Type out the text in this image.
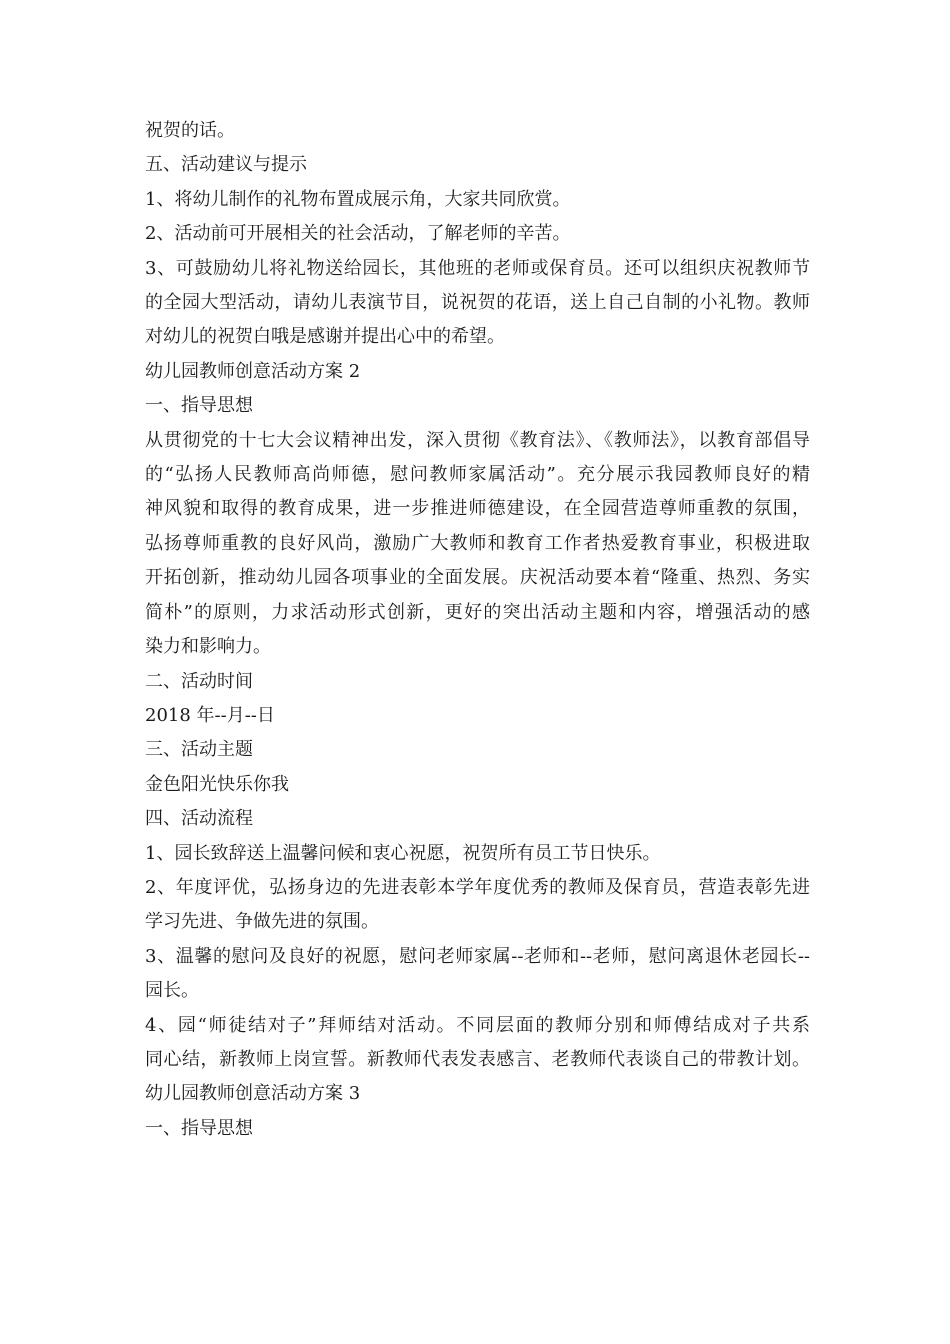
祝贺的话。

五、活动建议与提示

1、将幼儿制作的礼物布置成展示角，大家共同欣赏。

2、活动前可开展相关的社会活动，了解老师的辛苦。

3、可鼓励幼儿将礼物送给园长，其他班的老师或保育员。还可以组织庆祝教师节

的全园大型活动，请幼儿表演节目，说祝贺的花语，送上自己自制的小礼物。教师

对幼儿的祝贺白哦是感谢并提出心中的希望。

幼儿园教师创意活动方案 2

一、指导思想

从贯彻党的十七大会议精神出发，深入贯彻《教育法》、《教师法》，以教育部倡导

的“弘扬人民教师高尚师德，慰问教师家属活动”。充分展示我园教师良好的精

神风貌和取得的教育成果，进一步推进师德建设，在全园营造尊师重教的氛围，

弘扬尊师重教的良好风尚，激励广大教师和教育工作者热爱教育事业，积极进取

开拓创新，推动幼儿园各项事业的全面发展。庆祝活动要本着“隆重、热烈、务实

简朴”的原则，力求活动形式创新，更好的突出活动主题和内容，增强活动的感

染力和影响力。

二、活动时间

2018 年--月--日

三、活动主题

金色阳光快乐你我

四、活动流程

1、园长致辞送上温馨问候和衷心祝愿，祝贺所有员工节日快乐。

2、年度评优，弘扬身边的先进表彰本学年度优秀的教师及保育员，营造表彰先进

学习先进、争做先进的氛围。

3、温馨的慰问及良好的祝愿，慰问老师家属--老师和--老师，慰问离退休老园长--

园长。

4、园“师徒结对子”拜师结对活动。不同层面的教师分别和师傅结成对子共系

同心结，新教师上岗宣誓。新教师代表发表感言、老教师代表谈自己的带教计划。

幼儿园教师创意活动方案 3

一、指导思想
